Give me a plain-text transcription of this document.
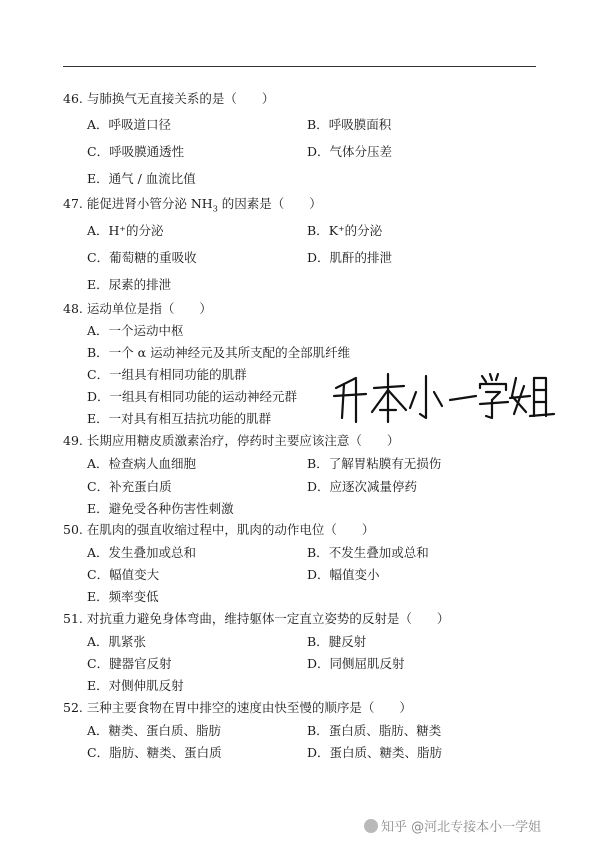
46. 与肺换气无直接关系的是（　　）
A．呼吸道口径	B．呼吸膜面积
C．呼吸膜通透性	D．气体分压差
E．通气 / 血流比值
47. 能促进肾小管分泌 $NH_3$ 的因素是（　　）
A．H⁺的分泌	B．K⁺的分泌
C．葡萄糖的重吸收	D．肌酐的排泄
E．尿素的排泄
48. 运动单位是指（　　）
A．一个运动中枢
B．一个 α 运动神经元及其所支配的全部肌纤维
C．一组具有相同功能的肌群
D．一组具有相同功能的运动神经元群
E．一对具有相互拮抗功能的肌群
49. 长期应用糖皮质激素治疗，停药时主要应该注意（　　）
A．检查病人血细胞	B．了解胃粘膜有无损伤
C．补充蛋白质	D．应逐次减量停药
E．避免受各种伤害性刺激
50. 在肌肉的强直收缩过程中，肌肉的动作电位（　　）
A．发生叠加或总和	B．不发生叠加或总和
C．幅值变大	D．幅值变小
E．频率变低
51. 对抗重力避免身体弯曲，维持躯体一定直立姿势的反射是（　　）
A．肌紧张	B．腱反射
C．腱器官反射	D．同侧屈肌反射
E．对侧伸肌反射
52. 三种主要食物在胃中排空的速度由快至慢的顺序是（　　）
A．糖类、蛋白质、脂肪	B．蛋白质、脂肪、糖类
C．脂肪、糖类、蛋白质	D．蛋白质、糖类、脂肪
知乎 @河北专接本小一学姐
